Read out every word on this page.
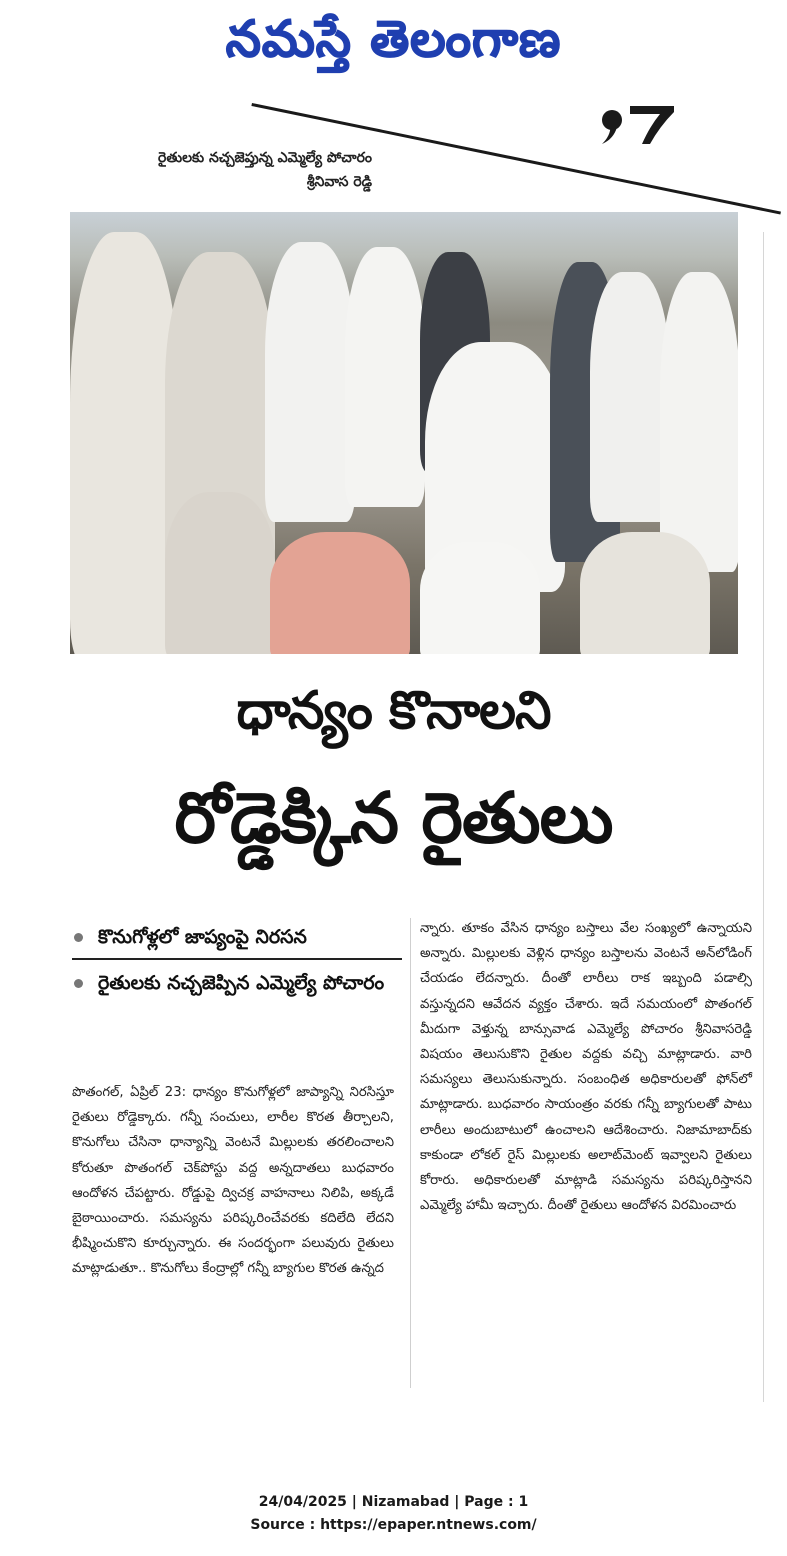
నమస్తే తెలంగాణ
రైతులకు నచ్చజెప్తున్న ఎమ్మెల్యే పోచారం శ్రీనివాస రెడ్డి
ధాన్యం కొనాలని
రోడ్డెక్కిన రైతులు
కొనుగోళ్లలో జాప్యంపై నిరసన
రైతులకు నచ్చజెప్పిన ఎమ్మెల్యే పోచారం
పొతంగల్, ఏప్రిల్ 23: ధాన్యం కొనుగోళ్లలో జాప్యాన్ని నిరసిస్తూ రైతులు రోడ్డెక్కారు. గన్నీ సంచులు, లారీల కొరత తీర్చాలని, కొనుగోలు చేసినా ధాన్యాన్ని వెంటనే మిల్లులకు తరలించాలని కోరుతూ పొతంగల్ చెక్‌పోస్టు వద్ద అన్నదాతలు బుధవారం ఆందోళన చేపట్టారు. రోడ్డుపై ద్విచక్ర వాహనాలు నిలిపి, అక్కడే బైఠాయించారు. సమస్యను పరిష్కరించేవరకు కదిలేది లేదని భీష్మించుకొని కూర్చున్నారు. ఈ సందర్భంగా పలువురు రైతులు మాట్లాడుతూ.. కొనుగోలు కేంద్రాల్లో గన్నీ బ్యాగుల కొరత ఉన్నద
న్నారు. తూకం వేసిన ధాన్యం బస్తాలు వేల సంఖ్యలో ఉన్నాయని అన్నారు. మిల్లులకు వెళ్లిన ధాన్యం బస్తాలను వెంటనే అన్‌లోడింగ్ చేయడం లేదన్నారు. దీంతో లారీలు రాక ఇబ్బంది పడాల్సి వస్తున్నదని ఆవేదన వ్యక్తం చేశారు. ఇదే సమయంలో పొతంగల్ మీదుగా వెళ్తున్న బాన్సువాడ ఎమ్మెల్యే పోచారం శ్రీనివాసరెడ్డి విషయం తెలుసుకొని రైతుల వద్దకు వచ్చి మాట్లాడారు. వారి సమస్యలు తెలుసుకున్నారు. సంబంధిత అధికారులతో ఫోన్‌లో మాట్లాడారు. బుధవారం సాయంత్రం వరకు గన్నీ బ్యాగులతో పాటు లారీలు అందుబాటులో ఉంచాలని ఆదేశించారు. నిజామాబాద్‌కు కాకుండా లోకల్ రైస్ మిల్లులకు అలాట్‌మెంట్ ఇవ్వాలని రైతులు కోరారు. అధికారులతో మాట్లాడి సమస్యను పరిష్కరిస్తానని ఎమ్మెల్యే హామీ ఇచ్చారు. దీంతో రైతులు ఆందోళన విరమించారు
24/04/2025 | Nizamabad | Page : 1
Source : https://epaper.ntnews.com/
